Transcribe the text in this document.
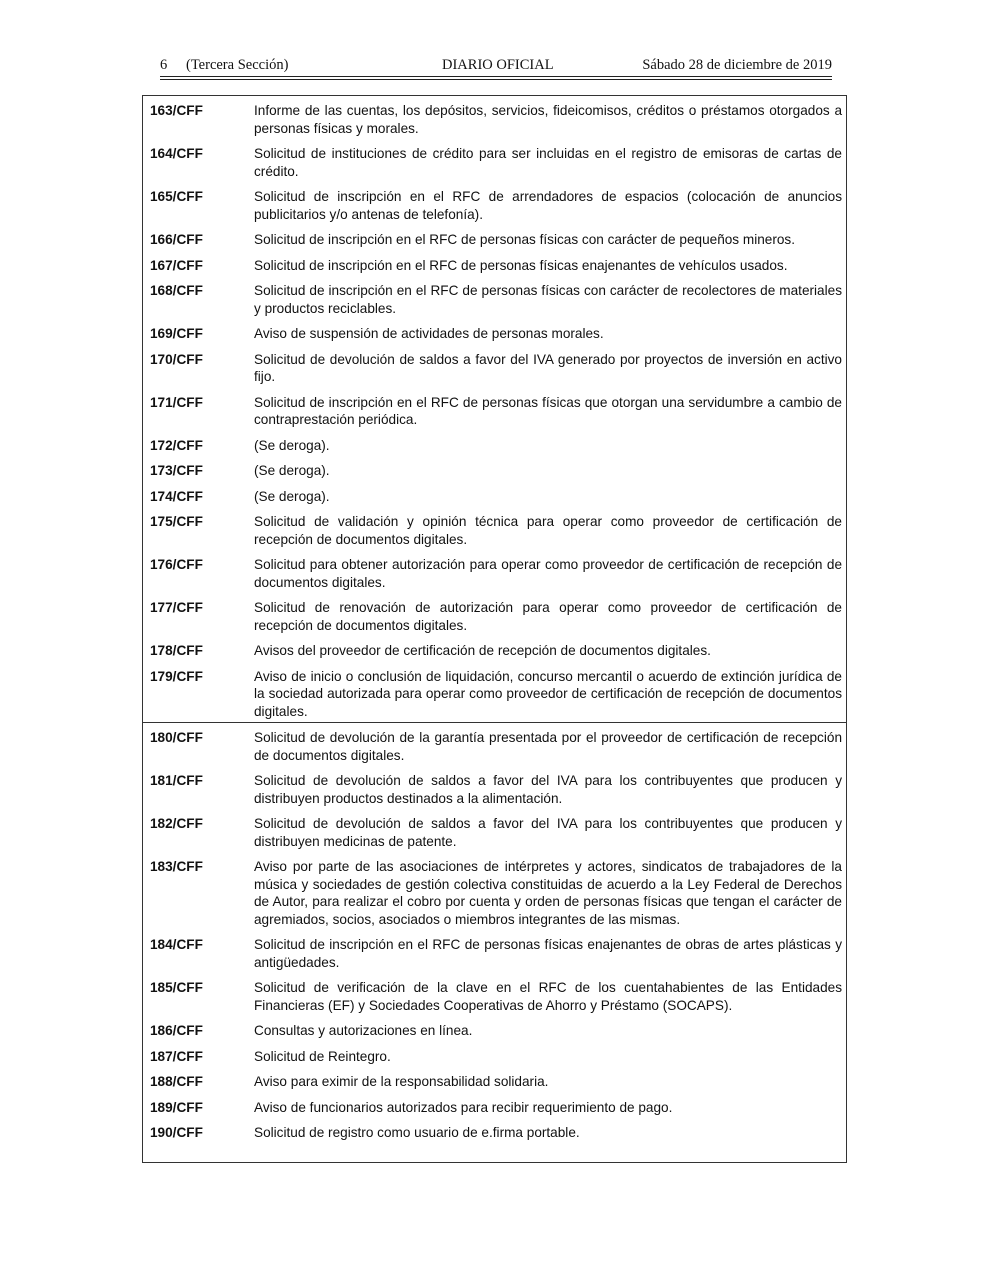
6 (Tercera Sección)	DIARIO OFICIAL	Sábado 28 de diciembre de 2019
163/CFF	Informe de las cuentas, los depósitos, servicios, fideicomisos, créditos o préstamos otorgados a personas físicas y morales.
164/CFF	Solicitud de instituciones de crédito para ser incluidas en el registro de emisoras de cartas de crédito.
165/CFF	Solicitud de inscripción en el RFC de arrendadores de espacios (colocación de anuncios publicitarios y/o antenas de telefonía).
166/CFF	Solicitud de inscripción en el RFC de personas físicas con carácter de pequeños mineros.
167/CFF	Solicitud de inscripción en el RFC de personas físicas enajenantes de vehículos usados.
168/CFF	Solicitud de inscripción en el RFC de personas físicas con carácter de recolectores de materiales y productos reciclables.
169/CFF	Aviso de suspensión de actividades de personas morales.
170/CFF	Solicitud de devolución de saldos a favor del IVA generado por proyectos de inversión en activo fijo.
171/CFF	Solicitud de inscripción en el RFC de personas físicas que otorgan una servidumbre a cambio de contraprestación periódica.
172/CFF	(Se deroga).
173/CFF	(Se deroga).
174/CFF	(Se deroga).
175/CFF	Solicitud de validación y opinión técnica para operar como proveedor de certificación de recepción de documentos digitales.
176/CFF	Solicitud para obtener autorización para operar como proveedor de certificación de recepción de documentos digitales.
177/CFF	Solicitud de renovación de autorización para operar como proveedor de certificación de recepción de documentos digitales.
178/CFF	Avisos del proveedor de certificación de recepción de documentos digitales.
179/CFF	Aviso de inicio o conclusión de liquidación, concurso mercantil o acuerdo de extinción jurídica de la sociedad autorizada para operar como proveedor de certificación de recepción de documentos digitales.
180/CFF	Solicitud de devolución de la garantía presentada por el proveedor de certificación de recepción de documentos digitales.
181/CFF	Solicitud de devolución de saldos a favor del IVA para los contribuyentes que producen y distribuyen productos destinados a la alimentación.
182/CFF	Solicitud de devolución de saldos a favor del IVA para los contribuyentes que producen y distribuyen medicinas de patente.
183/CFF	Aviso por parte de las asociaciones de intérpretes y actores, sindicatos de trabajadores de la música y sociedades de gestión colectiva constituidas de acuerdo a la Ley Federal de Derechos de Autor, para realizar el cobro por cuenta y orden de personas físicas que tengan el carácter de agremiados, socios, asociados o miembros integrantes de las mismas.
184/CFF	Solicitud de inscripción en el RFC de personas físicas enajenantes de obras de artes plásticas y antigüedades.
185/CFF	Solicitud de verificación de la clave en el RFC de los cuentahabientes de las Entidades Financieras (EF) y Sociedades Cooperativas de Ahorro y Préstamo (SOCAPS).
186/CFF	Consultas y autorizaciones en línea.
187/CFF	Solicitud de Reintegro.
188/CFF	Aviso para eximir de la responsabilidad solidaria.
189/CFF	Aviso de funcionarios autorizados para recibir requerimiento de pago.
190/CFF	Solicitud de registro como usuario de e.firma portable.
